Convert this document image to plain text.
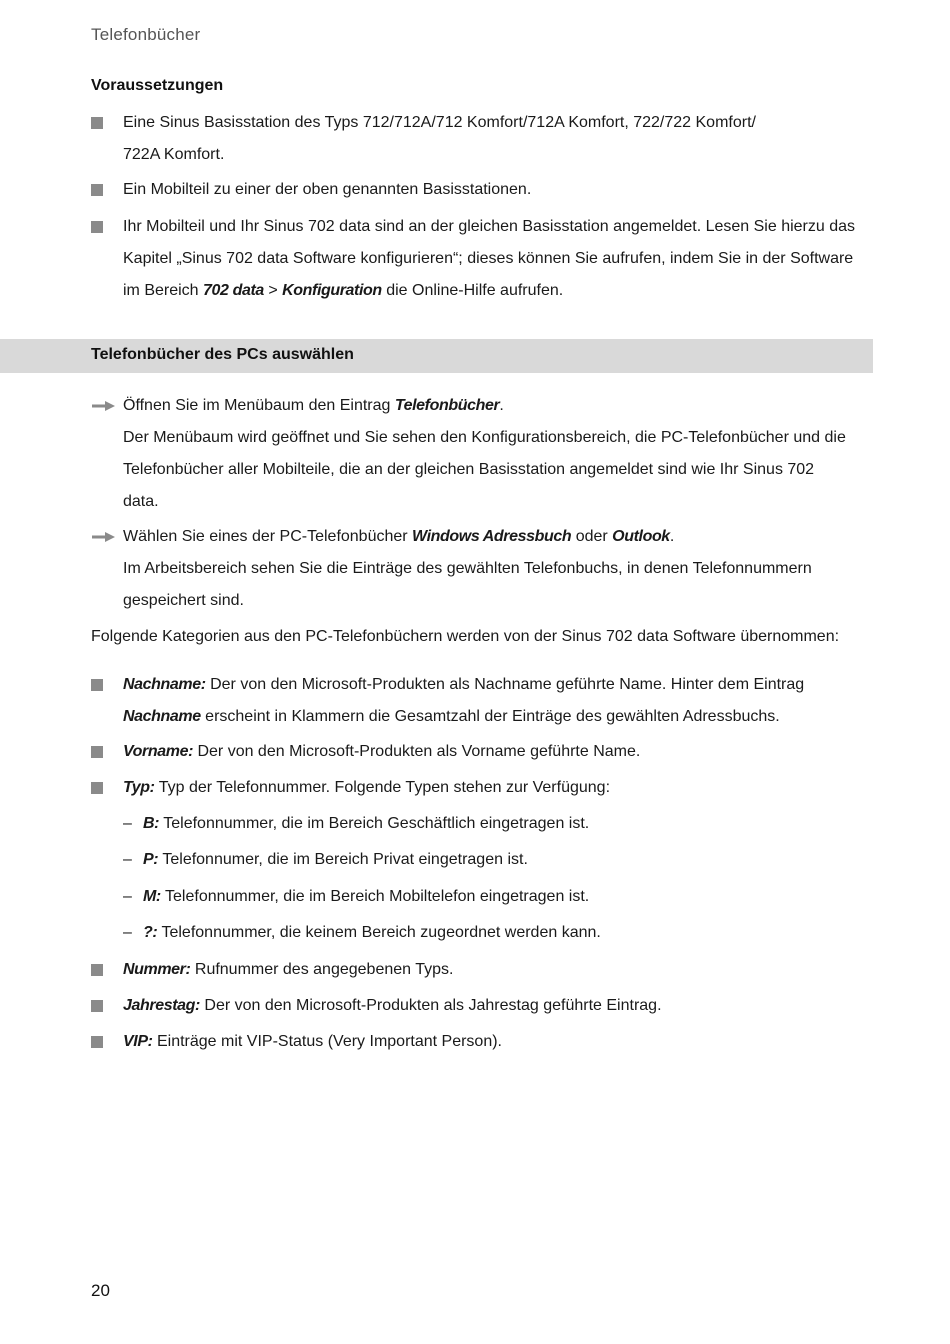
Telefonbücher
Voraussetzungen
Eine Sinus Basisstation des Typs 712/712A/712 Komfort/712A Komfort, 722/722 Komfort/
722A Komfort.
Ein Mobilteil zu einer der oben genannten Basisstationen.
Ihr Mobilteil und Ihr Sinus 702 data sind an der gleichen Basisstation angemeldet. Lesen Sie hierzu das
Kapitel „Sinus 702 data Software konfigurieren“; dieses können Sie aufrufen, indem Sie in der Software
im Bereich 702 data > Konfiguration die Online-Hilfe aufrufen.
Telefonbücher des PCs auswählen
Öffnen Sie im Menübaum den Eintrag Telefonbücher.
Der Menübaum wird geöffnet und Sie sehen den Konfigurationsbereich, die PC-Telefonbücher und die
Telefonbücher aller Mobilteile, die an der gleichen Basisstation angemeldet sind wie Ihr Sinus 702
data.
Wählen Sie eines der PC-Telefonbücher Windows Adressbuch oder Outlook.
Im Arbeitsbereich sehen Sie die Einträge des gewählten Telefonbuchs, in denen Telefonnummern
gespeichert sind.
Folgende Kategorien aus den PC-Telefonbüchern werden von der Sinus 702 data Software übernommen:
Nachname: Der von den Microsoft-Produkten als Nachname geführte Name. Hinter dem Eintrag
Nachname erscheint in Klammern die Gesamtzahl der Einträge des gewählten Adressbuchs.
Vorname: Der von den Microsoft-Produkten als Vorname geführte Name.
Typ: Typ der Telefonnummer. Folgende Typen stehen zur Verfügung:
– B: Telefonnummer, die im Bereich Geschäftlich eingetragen ist.
– P: Telefonnumer, die im Bereich Privat eingetragen ist.
– M: Telefonnummer, die im Bereich Mobiltelefon eingetragen ist.
– ?: Telefonnummer, die keinem Bereich zugeordnet werden kann.
Nummer: Rufnummer des angegebenen Typs.
Jahrestag: Der von den Microsoft-Produkten als Jahrestag geführte Eintrag.
VIP: Einträge mit VIP-Status (Very Important Person).
20
